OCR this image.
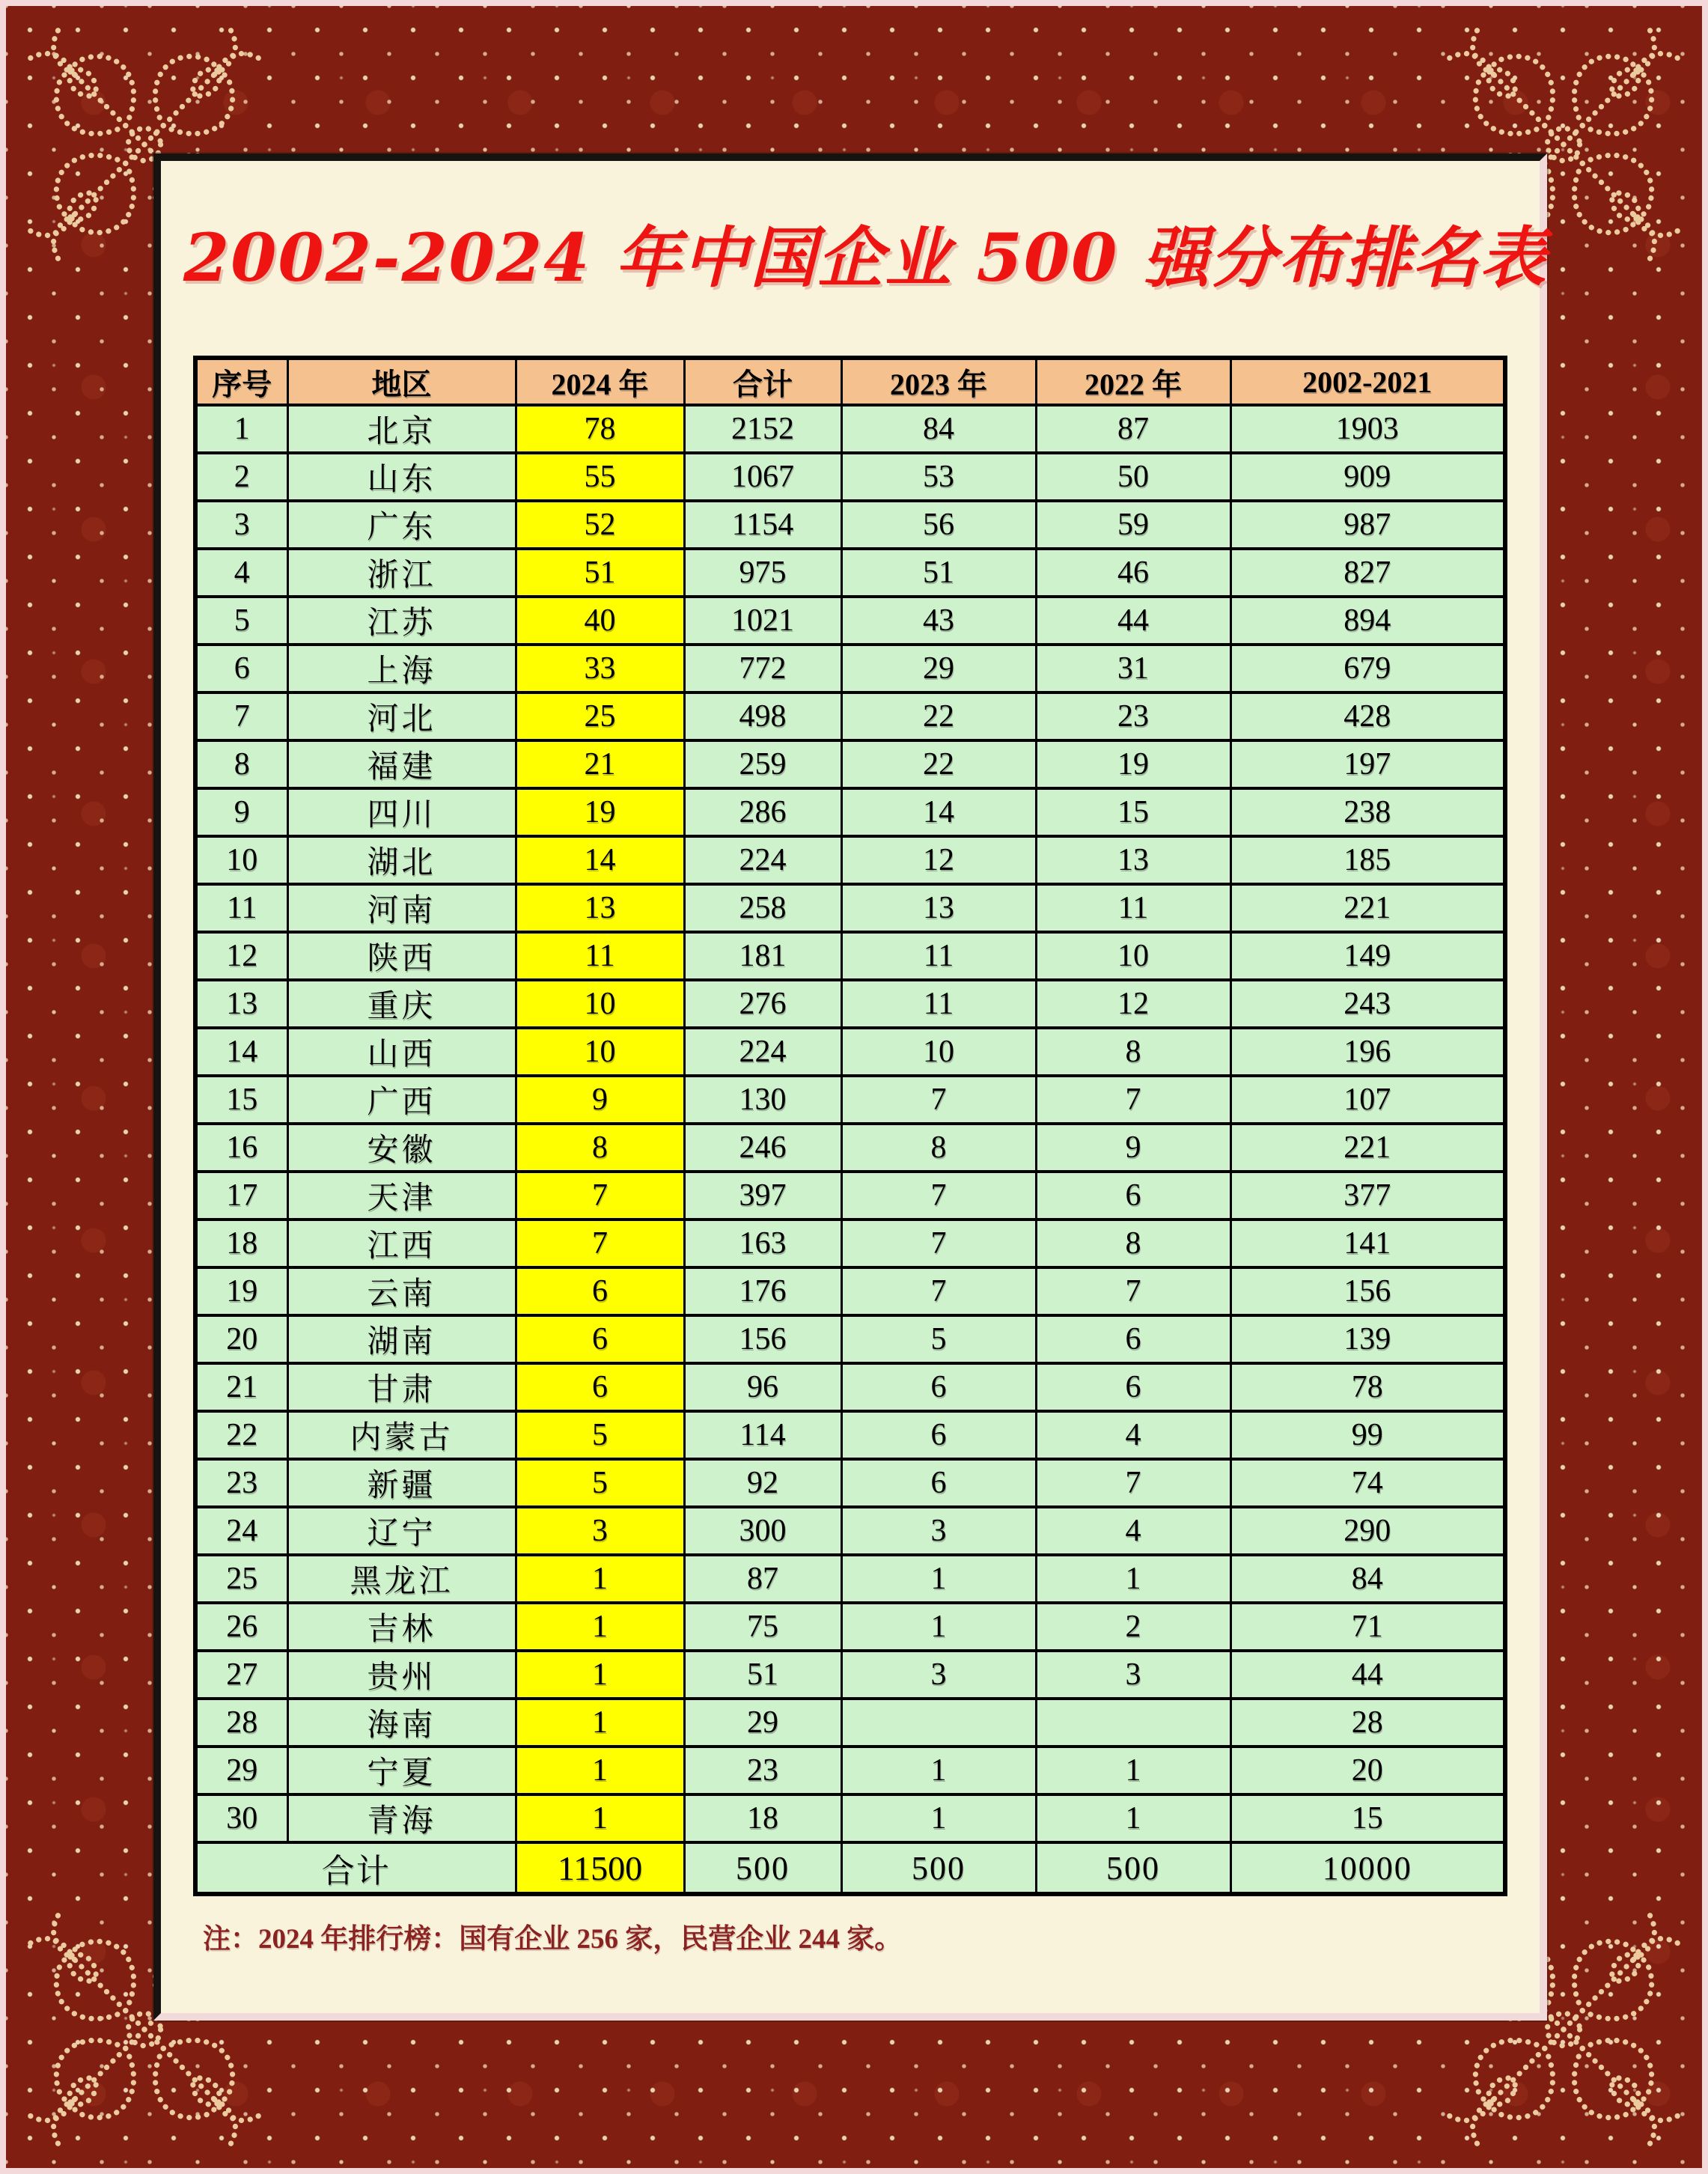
2002-2024 年中国企业 500 强分布排名表
序号	地区	2024 年	合计	2023 年	2022 年	2002-2021
1	北京	78	2152	84	87	1903
2	山东	55	1067	53	50	909
3	广东	52	1154	56	59	987
4	浙江	51	975	51	46	827
5	江苏	40	1021	43	44	894
6	上海	33	772	29	31	679
7	河北	25	498	22	23	428
8	福建	21	259	22	19	197
9	四川	19	286	14	15	238
10	湖北	14	224	12	13	185
11	河南	13	258	13	11	221
12	陕西	11	181	11	10	149
13	重庆	10	276	11	12	243
14	山西	10	224	10	8	196
15	广西	9	130	7	7	107
16	安徽	8	246	8	9	221
17	天津	7	397	7	6	377
18	江西	7	163	7	8	141
19	云南	6	176	7	7	156
20	湖南	6	156	5	6	139
21	甘肃	6	96	6	6	78
22	内蒙古	5	114	6	4	99
23	新疆	5	92	6	7	74
24	辽宁	3	300	3	4	290
25	黑龙江	1	87	1	1	84
26	吉林	1	75	1	2	71
27	贵州	1	51	3	3	44
28	海南	1	29			28
29	宁夏	1	23	1	1	20
30	青海	1	18	1	1	15
合计		11500	500	500	500	10000

注：2024 年排行榜：国有企业 256 家，民营企业 244 家。
